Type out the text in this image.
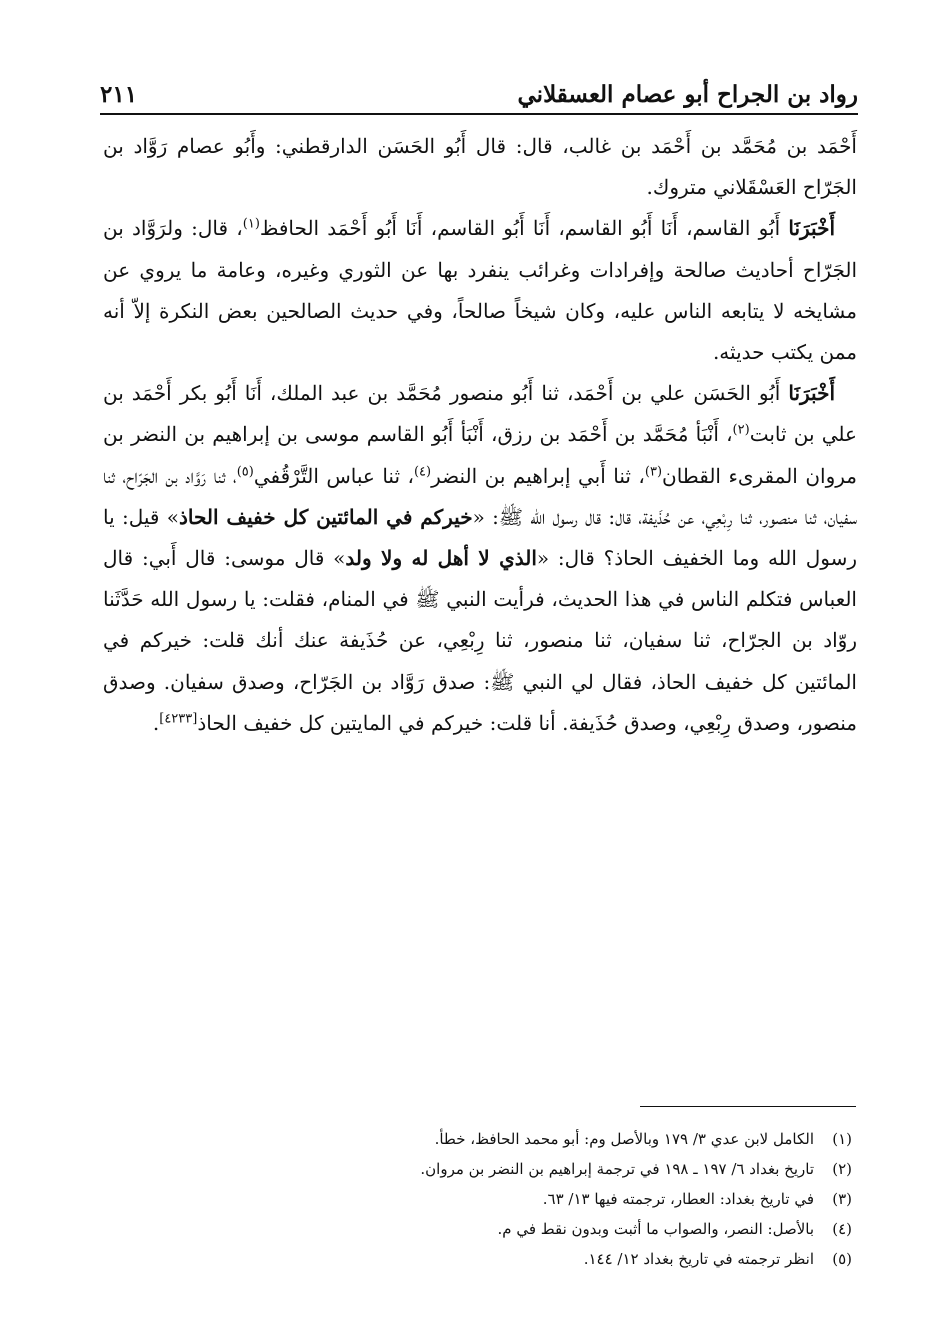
رواد بن الجراح أبو عصام العسقلاني
٢١١

أَحْمَد بن مُحَمَّد بن أَحْمَد بن غالب، قال: قال أَبُو الحَسَن الدارقطني: وأَبُو عصام رَوَّاد بن الجَرّاح العَسْقَلاني متروك.

أَخْبَرَنَا أَبُو القاسم، أَنَا أَبُو القاسم، أَنَا أَبُو القاسم، أَنَا أَبُو أَحْمَد الحافظ$^{(١)}$، قال: ولرَوَّاد بن الجَرّاح أحاديث صالحة وإفرادات وغرائب ينفرد بها عن الثوري وغيره، وعامة ما يروي عن مشايخه لا يتابعه الناس عليه، وكان شيخاً صالحاً، وفي حديث الصالحين بعض النكرة إلاّ أنه ممن يكتب حديثه.

أَخْبَرَنَا أَبُو الحَسَن علي بن أَحْمَد، ثنا أَبُو منصور مُحَمَّد بن عبد الملك، أَنَا أَبُو بكر أَحْمَد بن علي بن ثابت$^{(٢)}$، أَنْبَأ مُحَمَّد بن أَحْمَد بن رزق، أَنْبَأ أَبُو القاسم موسى بن إبراهيم بن النضر بن مروان المقرىء القطان$^{(٣)}$، ثنا أَبي إبراهيم بن النضر$^{(٤)}$، ثنا عباس التَّرْقُفي$^{(٥)}$، ثنا رَوَّاد بن الجَرّاح، ثنا سفيان، ثنا منصور، ثنا رِبْعِي، عن حُذَيفة، قال: قال رسول الله ﷺ: «خيركم في المائتين كل خفيف الحاذ» قيل: يا رسول الله وما الخفيف الحاذ؟ قال: «الذي لا أهل له ولا ولد» قال موسى: قال أَبي: قال العباس فتكلم الناس في هذا الحديث، فرأيت النبي ﷺ في المنام، فقلت: يا رسول الله حَدَّثَنا روّاد بن الجرّاح، ثنا سفيان، ثنا منصور، ثنا رِبْعِي، عن حُذَيفة عنك أنك قلت: خيركم في المائتين كل خفيف الحاذ، فقال لي النبي ﷺ: صدق رَوَّاد بن الجَرّاح، وصدق سفيان. وصدق منصور، وصدق رِبْعِي، وصدق حُذَيفة. أنا قلت: خيركم في المايتين كل خفيف الحاذ[٤٢٣٣].

(١)
الكامل لابن عدي ٣/ ١٧٩ وبالأصل وم: أبو محمد الحافظ، خطأ.
(٢)
تاريخ بغداد ٦/ ١٩٧ ـ ١٩٨ في ترجمة إبراهيم بن النضر بن مروان.
(٣)
في تاريخ بغداد: العطار، ترجمته فيها ١٣/ ٦٣.
(٤)
بالأصل: النصر، والصواب ما أثبت وبدون نقط في م.
(٥)
انظر ترجمته في تاريخ بغداد ١٢/ ١٤٤.
